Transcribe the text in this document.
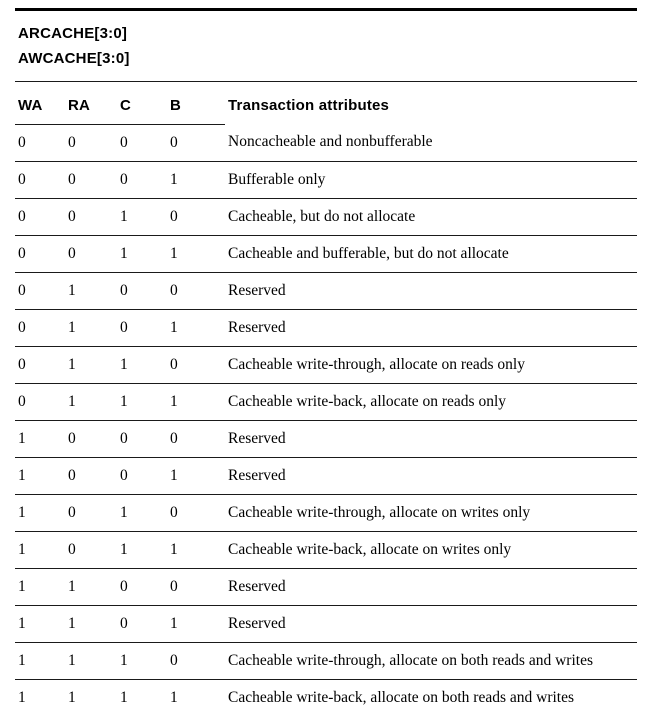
ARCACHE[3:0]
AWCACHE[3:0]
WA	RA	C	B	Transaction attributes
0	0	0	0	Noncacheable and nonbufferable
0	0	0	1	Bufferable only
0	0	1	0	Cacheable, but do not allocate
0	0	1	1	Cacheable and bufferable, but do not allocate
0	1	0	0	Reserved
0	1	0	1	Reserved
0	1	1	0	Cacheable write-through, allocate on reads only
0	1	1	1	Cacheable write-back, allocate on reads only
1	0	0	0	Reserved
1	0	0	1	Reserved
1	0	1	0	Cacheable write-through, allocate on writes only
1	0	1	1	Cacheable write-back, allocate on writes only
1	1	0	0	Reserved
1	1	0	1	Reserved
1	1	1	0	Cacheable write-through, allocate on both reads and writes
1	1	1	1	Cacheable write-back, allocate on both reads and writes
